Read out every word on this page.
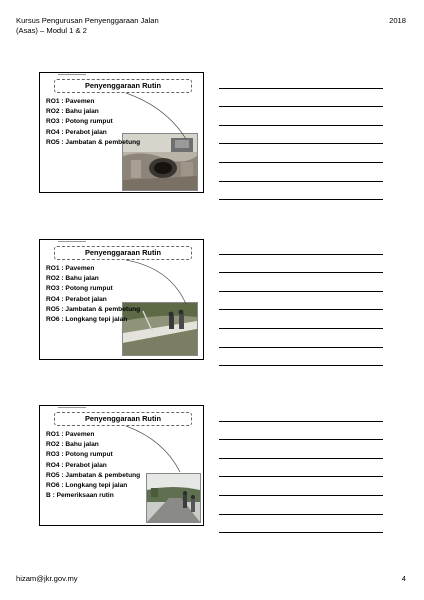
Kursus Pengurusan Penyenggaraan Jalan
(Asas) – Modul 1 & 2
2018
Penyenggaraan Rutin
RO1 : Pavemen
RO2 : Bahu jalan
RO3 : Potong rumput
RO4 : Perabot jalan
RO5 : Jambatan & pembetung
Penyenggaraan Rutin
RO1 : Pavemen
RO2 : Bahu jalan
RO3 : Potong rumput
RO4 : Perabot jalan
RO5 : Jambatan & pembetung
RO6 : Longkang tepi jalan
Penyenggaraan Rutin
RO1 : Pavemen
RO2 : Bahu jalan
RO3 : Potong rumput
RO4 : Perabot jalan
RO5 : Jambatan & pembetung
RO6 : Longkang tepi jalan
B : Pemeriksaan rutin
hizam@jkr.gov.my	4
